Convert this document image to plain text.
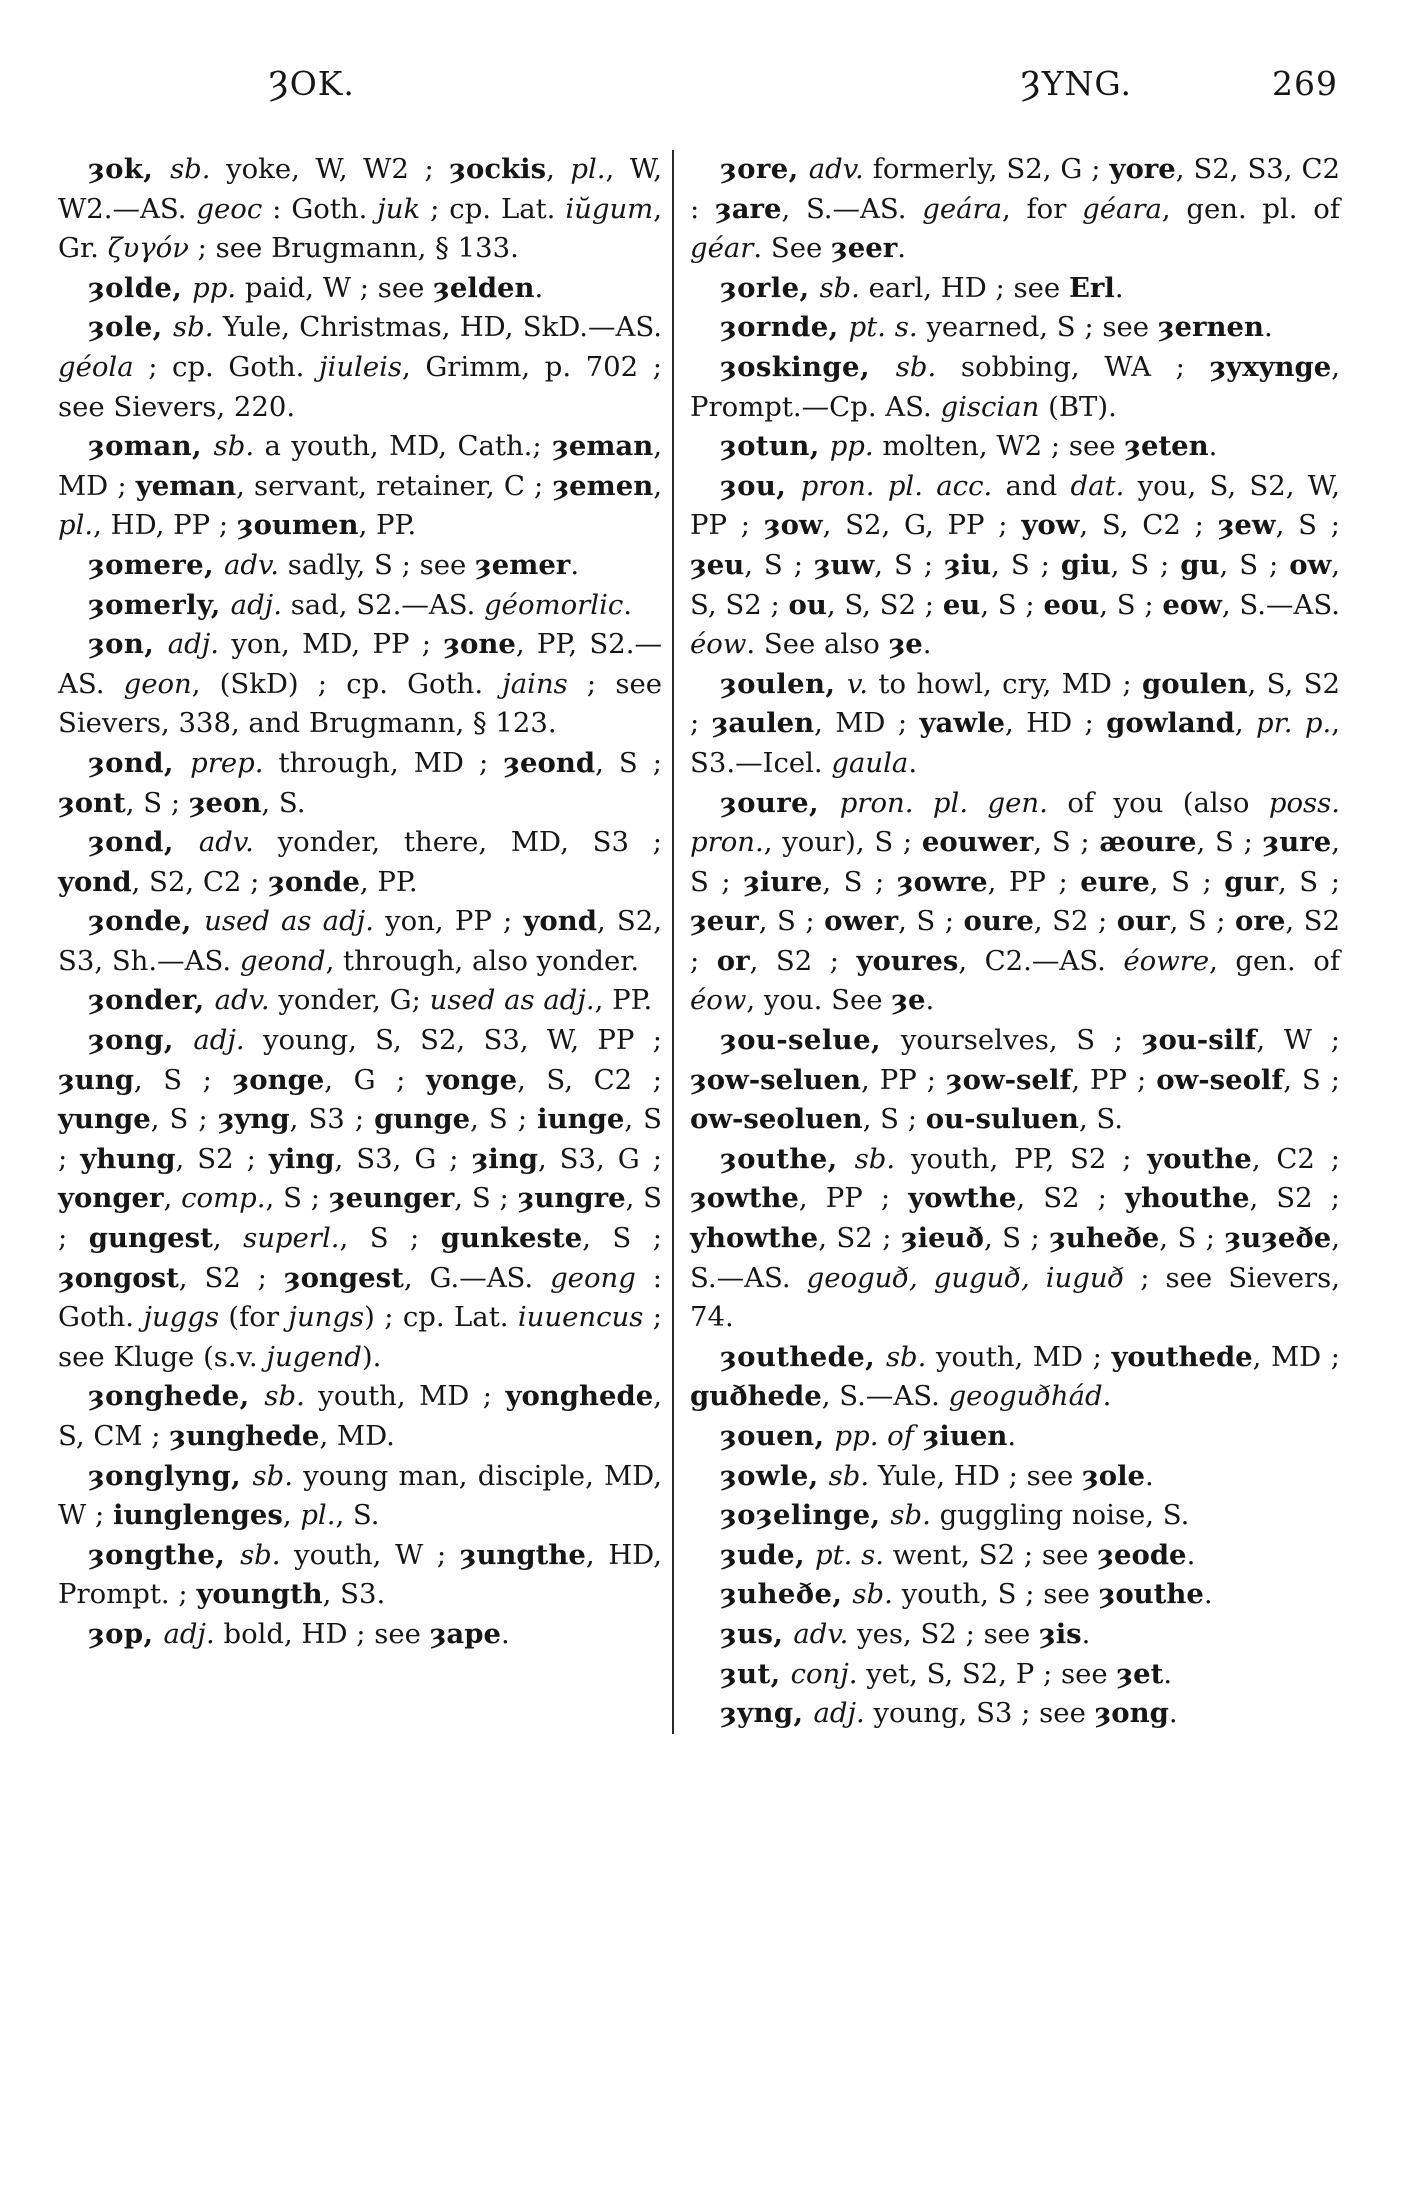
ȜOK.	ȜYNG.	269

ȝok, sb. yoke, W, W2 ; ȝockis, pl., W, W2.—AS. geoc : Goth. juk ; cp. Lat. iŭgum, Gr. ζυγόν ; see Brugmann, § 133.

ȝolde, pp. paid, W ; see ȝelden.

ȝole, sb. Yule, Christmas, HD, SkD.—AS. géola ; cp. Goth. jiuleis, Grimm, p. 702 ; see Sievers, 220.

ȝoman, sb. a youth, MD, Cath.; ȝeman, MD ; yeman, servant, retainer, C ; ȝemen, pl., HD, PP ; ȝoumen, PP.

ȝomere, adv. sadly, S ; see ȝemer.

ȝomerly, adj. sad, S2.—AS. géomorlic.

ȝon, adj. yon, MD, PP ; ȝone, PP, S2.—AS. geon, (SkD) ; cp. Goth. jains ; see Sievers, 338, and Brugmann, § 123.

ȝond, prep. through, MD ; ȝeond, S ; ȝont, S ; ȝeon, S.

ȝond, adv. yonder, there, MD, S3 ; yond, S2, C2 ; ȝonde, PP.

ȝonde, used as adj. yon, PP ; yond, S2, S3, Sh.—AS. geond, through, also yonder.

ȝonder, adv. yonder, G; used as adj., PP.

ȝong, adj. young, S, S2, S3, W, PP ; ȝung, S ; ȝonge, G ; yonge, S, C2 ; yunge, S ; ȝyng, S3 ; gunge, S ; iunge, S ; yhung, S2 ; ying, S3, G ; ȝing, S3, G ; yonger, comp., S ; ȝeunger, S ; ȝungre, S ; gungest, superl., S ; gunkeste, S ; ȝongost, S2 ; ȝongest, G.—AS. geong : Goth. juggs (for jungs) ; cp. Lat. iuuencus ; see Kluge (s.v. jugend).

ȝonghede, sb. youth, MD ; yonghede, S, CM ; ȝunghede, MD.

ȝonglyng, sb. young man, disciple, MD, W ; iunglenges, pl., S.

ȝongthe, sb. youth, W ; ȝungthe, HD, Prompt. ; youngth, S3.

ȝop, adj. bold, HD ; see ȝape.

ȝore, adv. formerly, S2, G ; yore, S2, S3, C2 : ȝare, S.—AS. geára, for géara, gen. pl. of géar. See ȝeer.

ȝorle, sb. earl, HD ; see Erl.

ȝornde, pt. s. yearned, S ; see ȝernen.

ȝoskinge, sb. sobbing, WA ; ȝyxynge, Prompt.—Cp. AS. giscian (BT).

ȝotun, pp. molten, W2 ; see ȝeten.

ȝou, pron. pl. acc. and dat. you, S, S2, W, PP ; ȝow, S2, G, PP ; yow, S, C2 ; ȝew, S ; ȝeu, S ; ȝuw, S ; ȝiu, S ; giu, S ; gu, S ; ow, S, S2 ; ou, S, S2 ; eu, S ; eou, S ; eow, S.—AS. éow. See also ȝe.

ȝoulen, v. to howl, cry, MD ; goulen, S, S2 ; ȝaulen, MD ; yawle, HD ; gowland, pr. p., S3.—Icel. gaula.

ȝoure, pron. pl. gen. of you (also poss. pron., your), S ; eouwer, S ; æoure, S ; ȝure, S ; ȝiure, S ; ȝowre, PP ; eure, S ; gur, S ; ȝeur, S ; ower, S ; oure, S2 ; our, S ; ore, S2 ; or, S2 ; youres, C2.—AS. éowre, gen. of éow, you. See ȝe.

ȝou-selue, yourselves, S ; ȝou-silf, W ; ȝow-seluen, PP ; ȝow-self, PP ; ow-seolf, S ; ow-seoluen, S ; ou-suluen, S.

ȝouthe, sb. youth, PP, S2 ; youthe, C2 ; ȝowthe, PP ; yowthe, S2 ; yhouthe, S2 ; yhowthe, S2 ; ȝieuð, S ; ȝuheðe, S ; ȝuȝeðe, S.—AS. geoguð, guguð, iuguð ; see Sievers, 74.

ȝouthede, sb. youth, MD ; youthede, MD ; guðhede, S.—AS. geoguðhád.

ȝouen, pp. of ȝiuen.

ȝowle, sb. Yule, HD ; see ȝole.

ȝoȝelinge, sb. guggling noise, S.

ȝude, pt. s. went, S2 ; see ȝeode.

ȝuheðe, sb. youth, S ; see ȝouthe.

ȝus, adv. yes, S2 ; see ȝis.

ȝut, conj. yet, S, S2, P ; see ȝet.

ȝyng, adj. young, S3 ; see ȝong.
